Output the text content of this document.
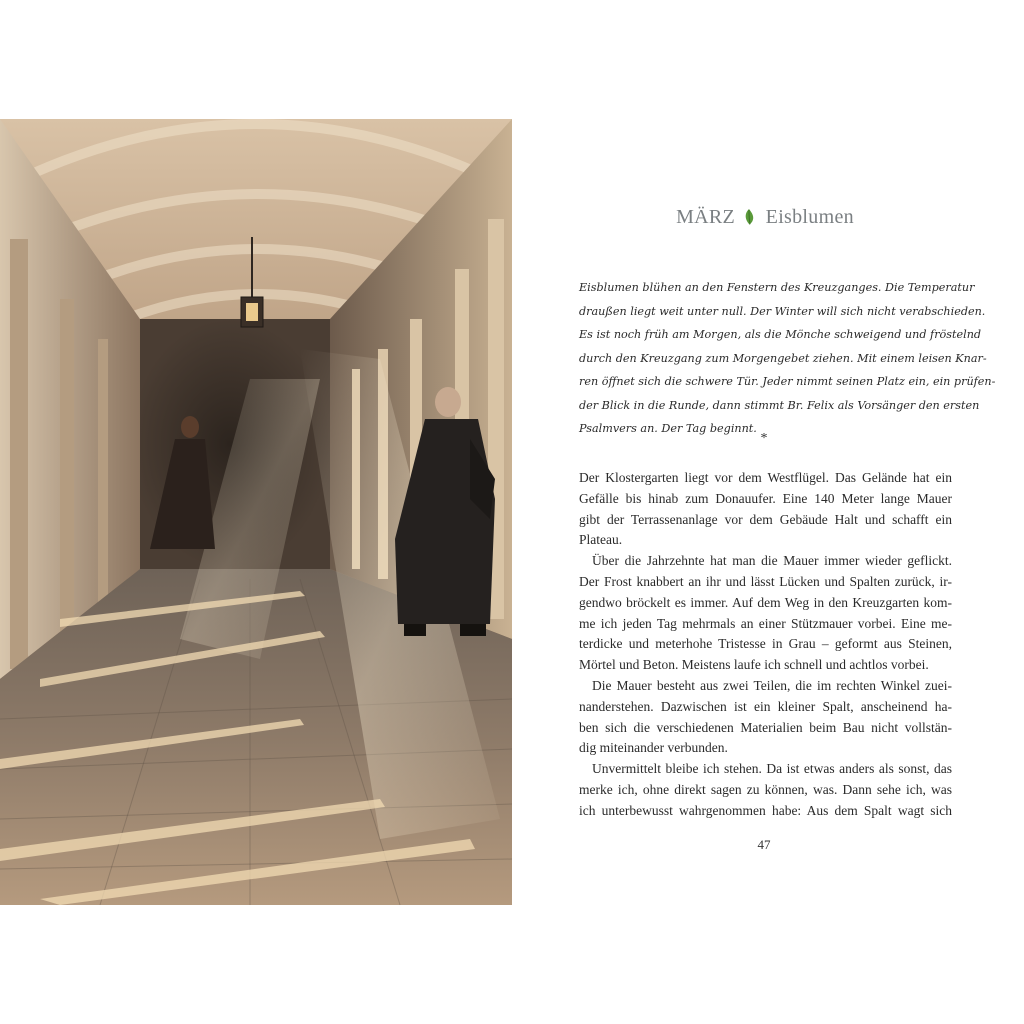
MÄRZ Eisblumen
Eisblumen blühen an den Fenstern des Kreuzganges. Die Temperatur
draußen liegt weit unter null. Der Winter will sich nicht verabschieden.
Es ist noch früh am Morgen, als die Mönche schweigend und fröstelnd
durch den Kreuzgang zum Morgengebet ziehen. Mit einem leisen Knar-
ren öffnet sich die schwere Tür. Jeder nimmt seinen Platz ein, ein prüfen-
der Blick in die Runde, dann stimmt Br. Felix als Vorsänger den ersten
Psalmvers an. Der Tag beginnt.
*
Der Klostergarten liegt vor dem Westflügel. Das Gelände hat ein
Gefälle bis hinab zum Donauufer. Eine 140 Meter lange Mauer
gibt der Terrassenanlage vor dem Gebäude Halt und schafft ein
Plateau.
Über die Jahrzehnte hat man die Mauer immer wieder geflickt.
Der Frost knabbert an ihr und lässt Lücken und Spalten zurück, ir-
gendwo bröckelt es immer. Auf dem Weg in den Kreuzgarten kom-
me ich jeden Tag mehrmals an einer Stützmauer vorbei. Eine me-
terdicke und meterhohe Tristesse in Grau – geformt aus Steinen,
Mörtel und Beton. Meistens laufe ich schnell und achtlos vorbei.
Die Mauer besteht aus zwei Teilen, die im rechten Winkel zuei-
nanderstehen. Dazwischen ist ein kleiner Spalt, anscheinend ha-
ben sich die verschiedenen Materialien beim Bau nicht vollstän-
dig miteinander verbunden.
Unvermittelt bleibe ich stehen. Da ist etwas anders als sonst, das
merke ich, ohne direkt sagen zu können, was. Dann sehe ich, was
ich unterbewusst wahrgenommen habe: Aus dem Spalt wagt sich
47
